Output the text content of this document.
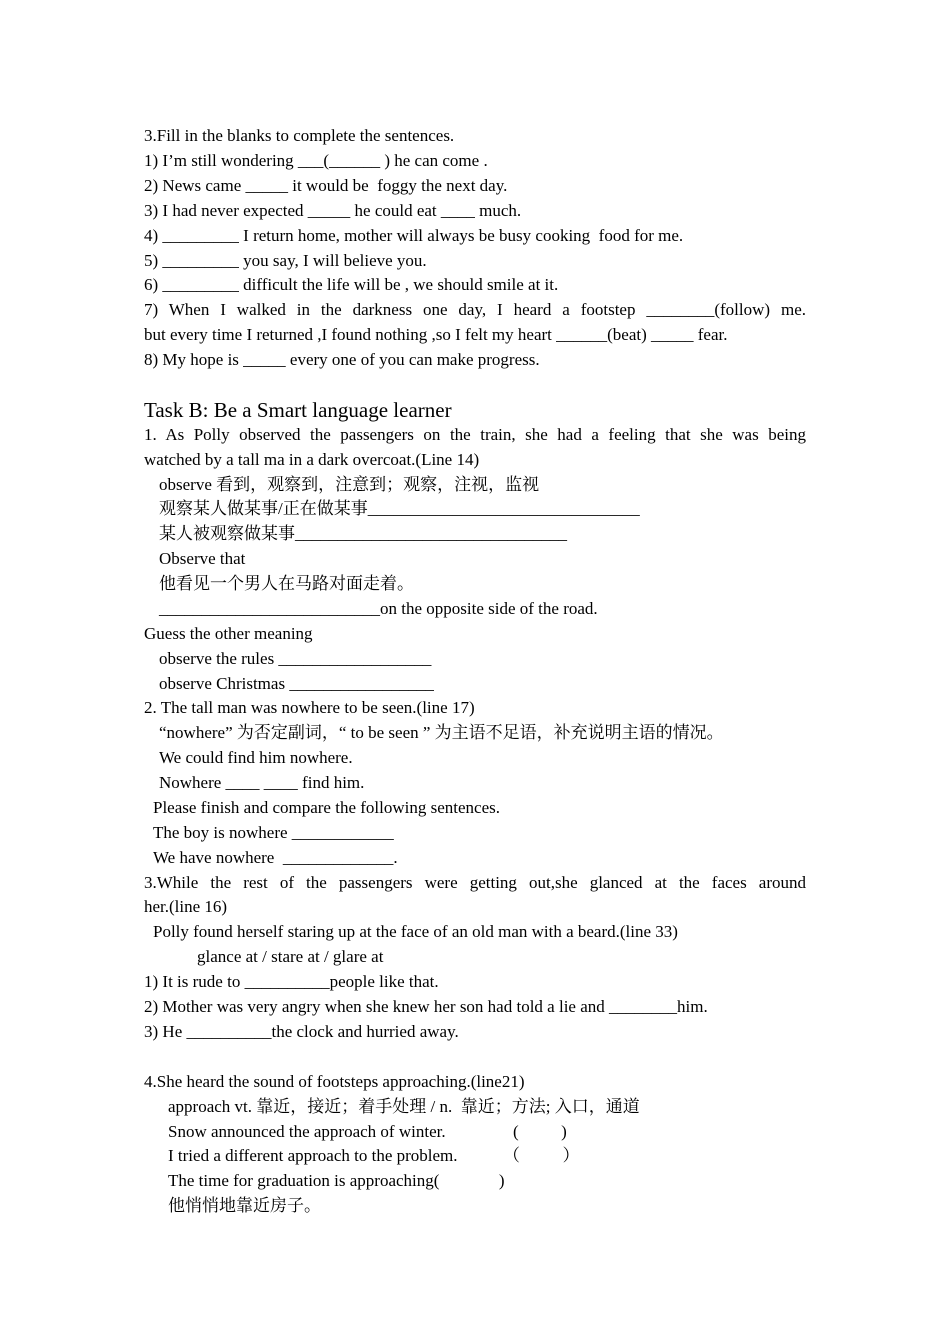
3.Fill in the blanks to complete the sentences.
1) I’m still wondering ___(______ ) he can come .
2) News came _____ it would be  foggy the next day.
3) I had never expected _____ he could eat ____ much.
4) _________ I return home, mother will always be busy cooking  food for me.
5) _________ you say, I will believe you.
6) _________ difficult the life will be , we should smile at it.
7) When I walked in the darkness one day, I heard a footstep ________(follow) me.
but every time I returned ,I found nothing ,so I felt my heart ______(beat) _____ fear.
8) My hope is _____ every one of you can make progress.
Task B: Be a Smart language learner
1. As Polly observed the passengers on the train, she had a feeling that she was being
watched by a tall ma in a dark overcoat.(Line 14)
observe 看到，观察到，注意到；观察，注视，监视
观察某人做某事/正在做某事________________________________
某人被观察做某事________________________________
Observe that
他看见一个男人在马路对面走着。
__________________________on the opposite side of the road.
Guess the other meaning
observe the rules __________________
observe Christmas _________________
2. The tall man was nowhere to be seen.(line 17)
“nowhere” 为否定副词，“ to be seen ” 为主语不足语，补充说明主语的情况。
We could find him nowhere.
Nowhere ____ ____ find him.
Please finish and compare the following sentences.
The boy is nowhere ____________
We have nowhere  _____________.
3.While the rest of the passengers were getting out,she glanced at the faces around
her.(line 16)
Polly found herself staring up at the face of an old man with a beard.(line 33)
glance at / stare at / glare at
1) It is rude to __________people like that.
2) Mother was very angry when she knew her son had told a lie and ________him.
3) He __________the clock and hurried away.
4.She heard the sound of footsteps approaching.(line21)
approach vt. 靠近，接近；着手处理 / n.  靠近；方法; 入口，通道
Snow announced the approach of winter.	(          )
I tried a different approach to the problem.	（          ）
The time for graduation is approaching(              )
他悄悄地靠近房子。
